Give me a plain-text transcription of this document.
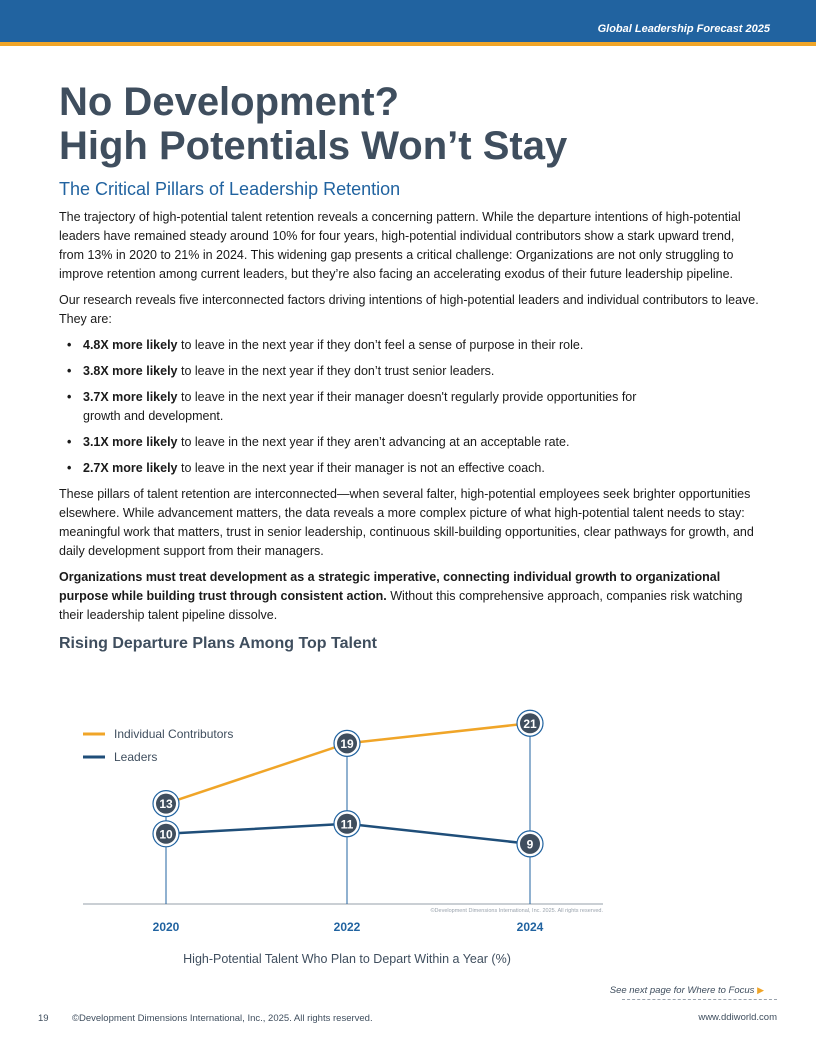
Global Leadership Forecast 2025
No Development?
High Potentials Won’t Stay
The Critical Pillars of Leadership Retention

The trajectory of high-potential talent retention reveals a concerning pattern. While the departure intentions of high-potential leaders have remained steady around 10% for four years, high-potential individual contributors show a stark upward trend, from 13% in 2020 to 21% in 2024. This widening gap presents a critical challenge: Organizations are not only struggling to improve retention among current leaders, but they’re also facing an accelerating exodus of their future leadership pipeline.

Our research reveals five interconnected factors driving intentions of high-potential leaders and individual contributors to leave. They are:

• 4.8X more likely to leave in the next year if they don’t feel a sense of purpose in their role.
• 3.8X more likely to leave in the next year if they don’t trust senior leaders.
• 3.7X more likely to leave in the next year if their manager doesn't regularly provide opportunities for growth and development.
• 3.1X more likely to leave in the next year if they aren’t advancing at an acceptable rate.
• 2.7X more likely to leave in the next year if their manager is not an effective coach.

These pillars of talent retention are interconnected—when several falter, high-potential employees seek brighter opportunities elsewhere. While advancement matters, the data reveals a more complex picture of what high-potential talent needs to stay: meaningful work that matters, trust in senior leadership, continuous skill-building opportunities, clear pathways for growth, and daily development support from their managers.

Organizations must treat development as a strategic imperative, connecting individual growth to organizational purpose while building trust through consistent action. Without this comprehensive approach, companies risk watching their leadership talent pipeline dissolve.

Rising Departure Plans Among Top Talent
Individual Contributors
Leaders
13
19
21
10
11
9
2020	2022	2024
©Development Dimensions International, Inc. 2025. All rights reserved.
High-Potential Talent Who Plan to Depart Within a Year (%)
See next page for Where to Focus ▶
19 ©Development Dimensions International, Inc., 2025. All rights reserved.	www.ddiworld.com
